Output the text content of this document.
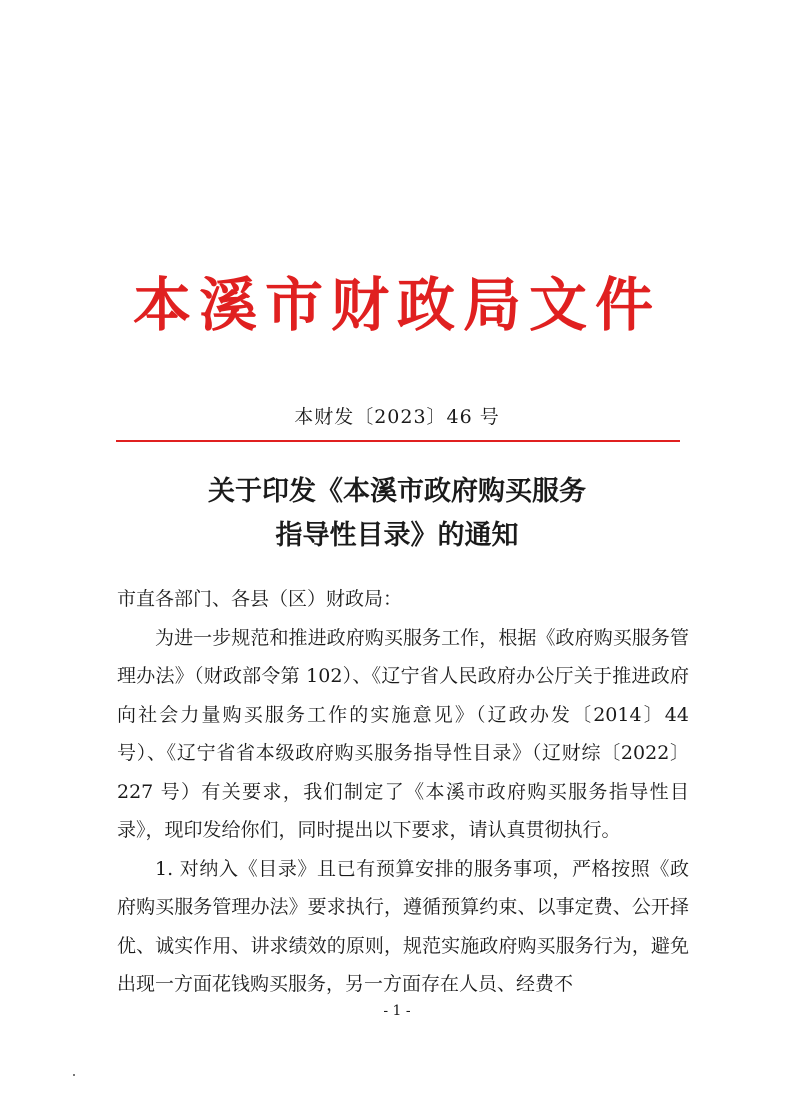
本溪市财政局文件
本财发〔2023〕46 号
关于印发《本溪市政府购买服务
指导性目录》的通知

市直各部门、各县（区）财政局：

为进一步规范和推进政府购买服务工作，根据《政府购买服务管理办法》（财政部令第 102）、《辽宁省人民政府办公厅关于推进政府向社会力量购买服务工作的实施意见》（辽政办发〔2014〕44 号）、《辽宁省省本级政府购买服务指导性目录》（辽财综〔2022〕227 号）有关要求，我们制定了《本溪市政府购买服务指导性目录》，现印发给你们，同时提出以下要求，请认真贯彻执行。

1. 对纳入《目录》且已有预算安排的服务事项，严格按照《政府购买服务管理办法》要求执行，遵循预算约束、以事定费、公开择优、诚实作用、讲求绩效的原则，规范实施政府购买服务行为，避免出现一方面花钱购买服务，另一方面存在人员、经费不

- 1 -
